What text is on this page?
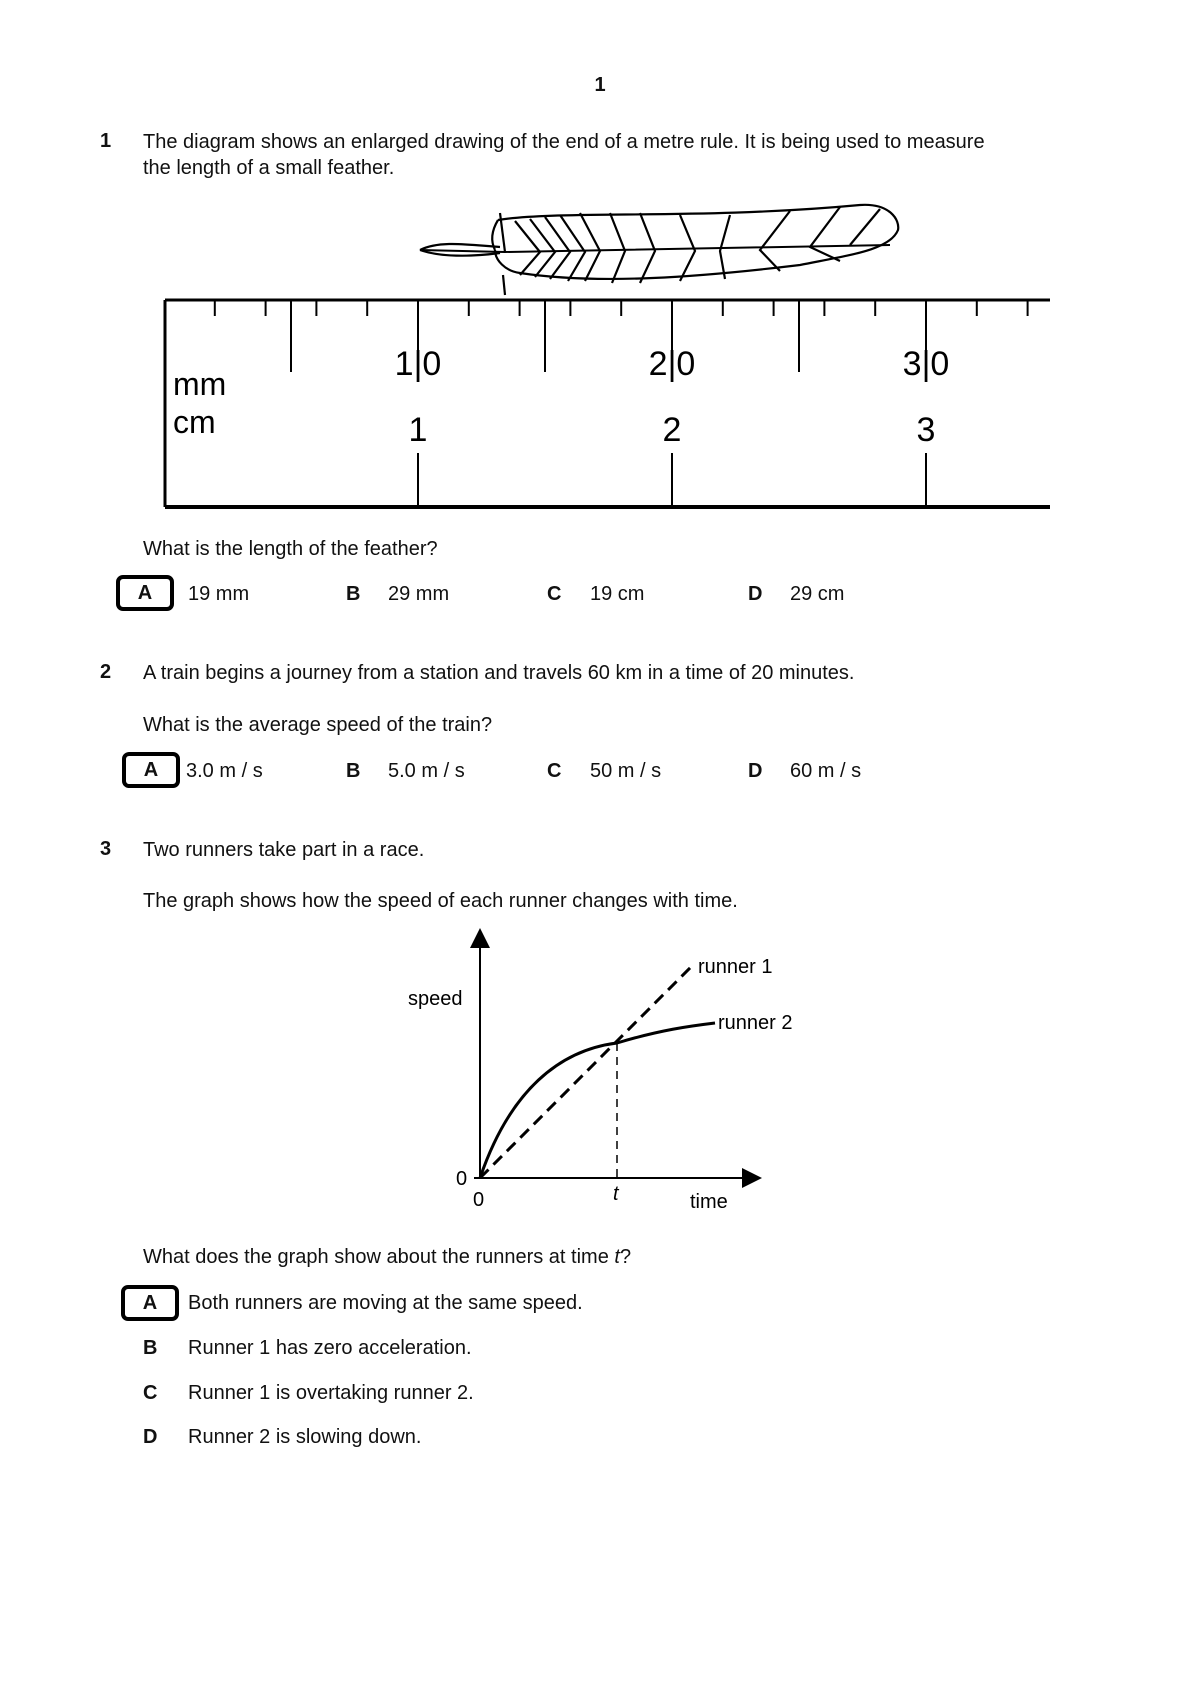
1
1 The diagram shows an enlarged drawing of the end of a metre rule. It is being used to measure
the length of a small feather.
mm
cm
1|0	2|0	3|0
1	2	3
What is the length of the feather?
A 19 mm	B 29 mm	C 19 cm	D 29 cm
2 A train begins a journey from a station and travels 60 km in a time of 20 minutes.
What is the average speed of the train?
A 3.0 m / s	B 5.0 m / s	C 50 m / s	D 60 m / s
3 Two runners take part in a race.
The graph shows how the speed of each runner changes with time.
speed
time
0
0	t
runner 1
runner 2
What does the graph show about the runners at time t?
A Both runners are moving at the same speed.
B Runner 1 has zero acceleration.
C Runner 1 is overtaking runner 2.
D Runner 2 is slowing down.
